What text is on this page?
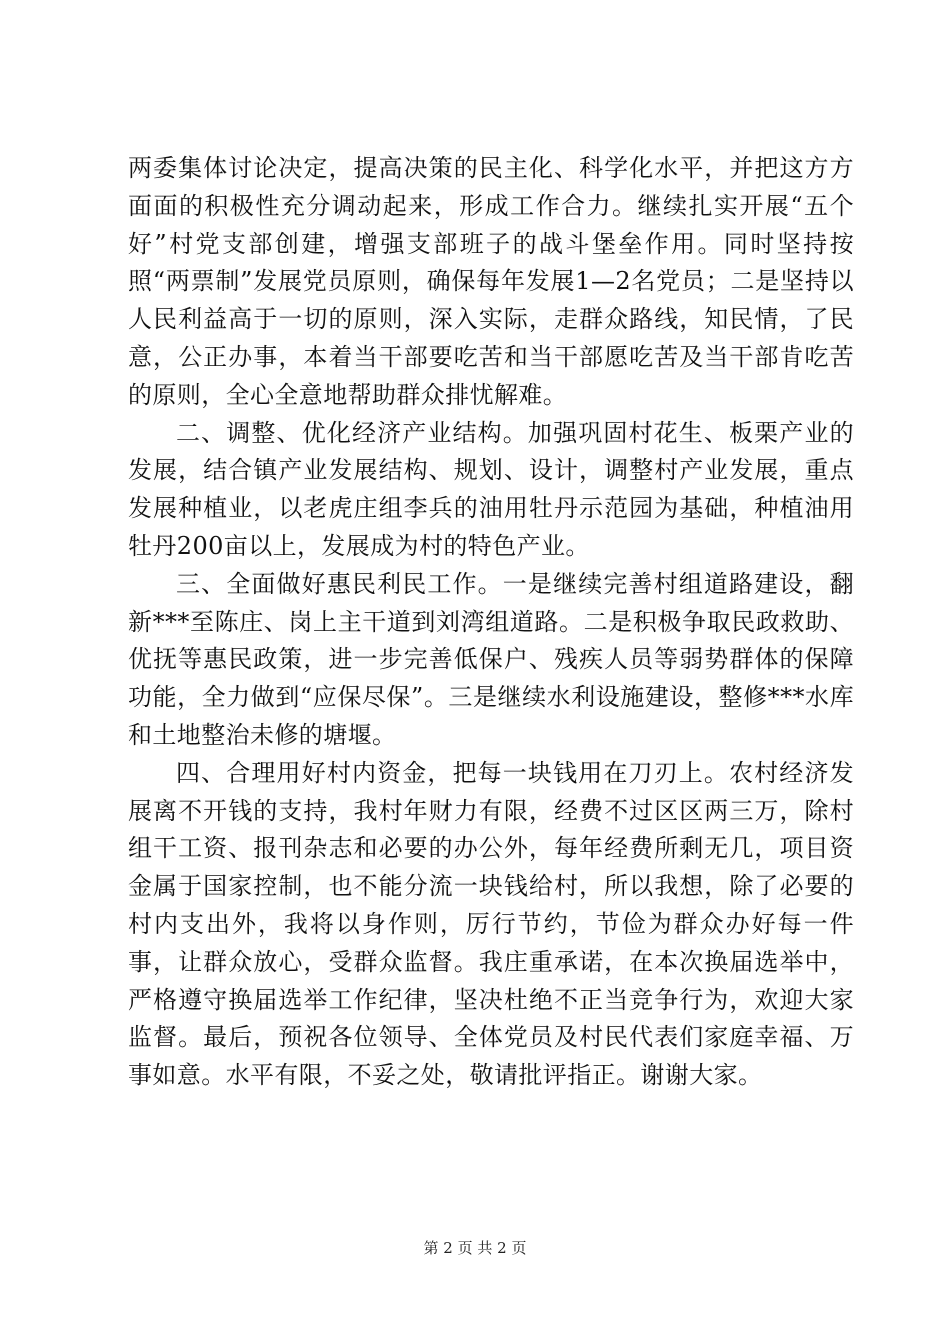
两委集体讨论决定，提高决策的民主化、科学化水平，并把这方方面面的积极性充分调动起来，形成工作合力。继续扎实开展“五个好”村党支部创建，增强支部班子的战斗堡垒作用。同时坚持按照“两票制”发展党员原则，确保每年发展1—2名党员；二是坚持以人民利益高于一切的原则，深入实际，走群众路线，知民情，了民意，公正办事，本着当干部要吃苦和当干部愿吃苦及当干部肯吃苦的原则，全心全意地帮助群众排忧解难。

二、调整、优化经济产业结构。加强巩固村花生、板栗产业的发展，结合镇产业发展结构、规划、设计，调整村产业发展，重点发展种植业，以老虎庄组李兵的油用牡丹示范园为基础，种植油用牡丹200亩以上，发展成为村的特色产业。

三、全面做好惠民利民工作。一是继续完善村组道路建设，翻新***至陈庄、岗上主干道到刘湾组道路。二是积极争取民政救助、优抚等惠民政策，进一步完善低保户、残疾人员等弱势群体的保障功能，全力做到“应保尽保”。三是继续水利设施建设，整修***水库和土地整治未修的塘堰。

四、合理用好村内资金，把每一块钱用在刀刃上。农村经济发展离不开钱的支持，我村年财力有限，经费不过区区两三万，除村组干工资、报刊杂志和必要的办公外，每年经费所剩无几，项目资金属于国家控制，也不能分流一块钱给村，所以我想，除了必要的村内支出外，我将以身作则，厉行节约，节俭为群众办好每一件事，让群众放心，受群众监督。我庄重承诺，在本次换届选举中，严格遵守换届选举工作纪律，坚决杜绝不正当竞争行为，欢迎大家监督。最后，预祝各位领导、全体党员及村民代表们家庭幸福、万事如意。水平有限，不妥之处，敬请批评指正。谢谢大家。

第 2 页 共 2 页
